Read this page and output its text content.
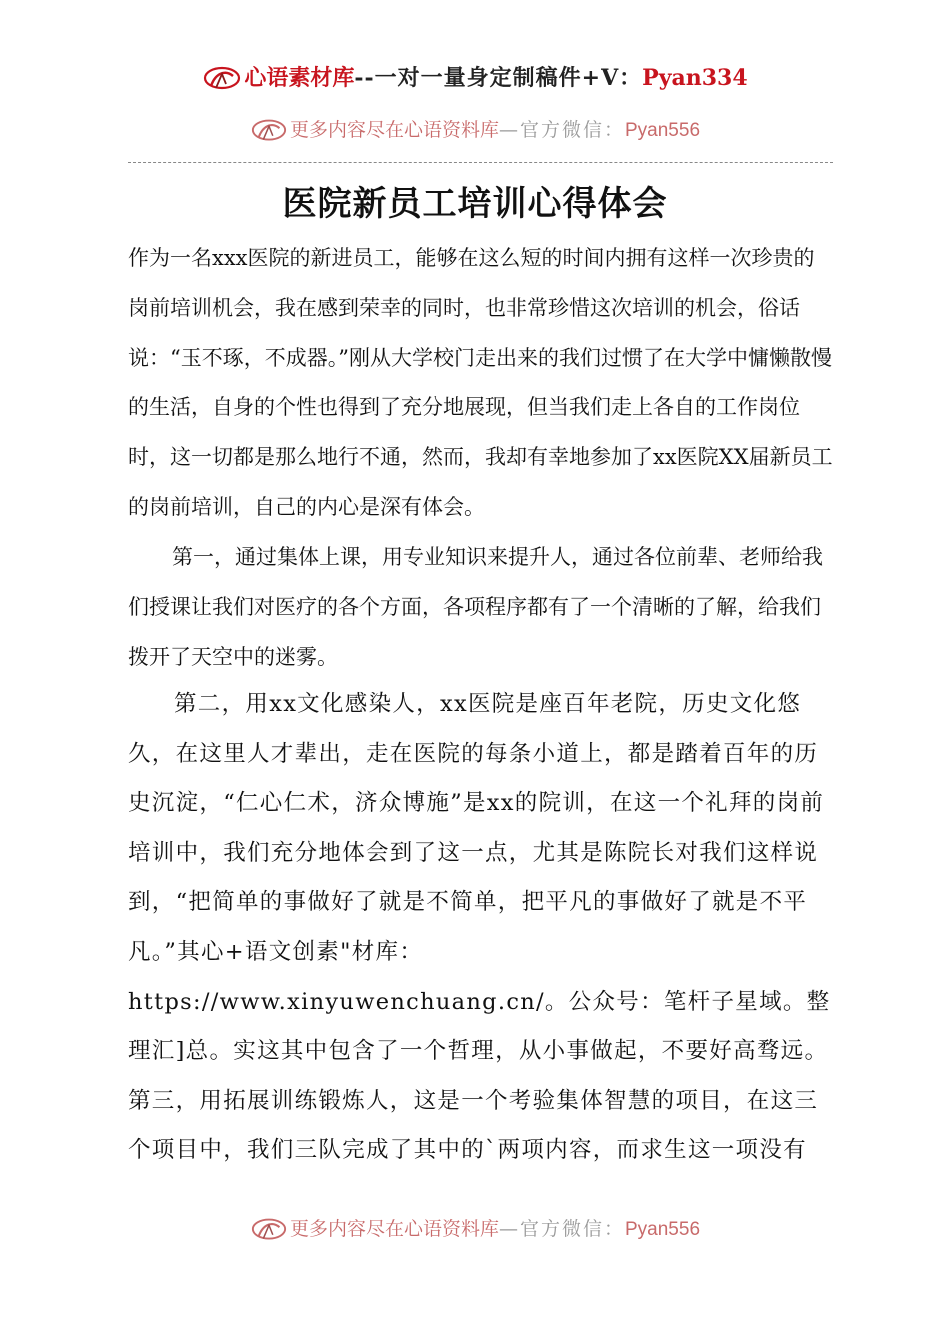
心语素材库--一对一量身定制稿件+V：Pyan334
更多内容尽在心语资料库—官方微信：Pyan556
医院新员工培训心得体会

作为一名xxx医院的新进员工，能够在这么短的时间内拥有这样一次珍贵的岗前培训机会，我在感到荣幸的同时，也非常珍惜这次培训的机会，俗话说：“玉不琢，不成器。”刚从大学校门走出来的我们过惯了在大学中慵懒散慢的生活，自身的个性也得到了充分地展现，但当我们走上各自的工作岗位时，这一切都是那么地行不通，然而，我却有幸地参加了xx医院XX届新员工的岗前培训，自己的内心是深有体会。

第一，通过集体上课，用专业知识来提升人，通过各位前辈、老师给我们授课让我们对医疗的各个方面，各项程序都有了一个清晰的了解，给我们拨开了天空中的迷雾。

第二，用xx文化感染人，xx医院是座百年老院，历史文化悠久，在这里人才辈出，走在医院的每条小道上，都是踏着百年的历史沉淀，“仁心仁术，济众博施”是xx的院训，在这一个礼拜的岗前培训中，我们充分地体会到了这一点，尤其是陈院长对我们这样说到，“把简单的事做好了就是不简单，把平凡的事做好了就是不平凡。”其心+语文创素"材库：https://www.xinyuwenchuang.cn/。公众号：笔杆子星域。整理汇]总。实这其中包含了一个哲理，从小事做起，不要好高骛远。第三，用拓展训练锻炼人，这是一个考验集体智慧的项目，在这三个项目中，我们三队完成了其中的`两项内容，而求生这一项没有

更多内容尽在心语资料库—官方微信：Pyan556
